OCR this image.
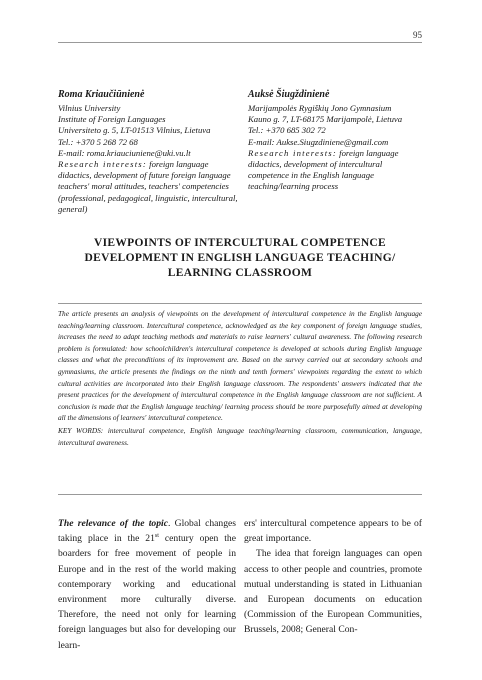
95
Roma Kriaučiūnienė
Vilnius University
Institute of Foreign Languages
Universiteto g. 5, LT-01513 Vilnius, Lietuva
Tel.: +370 5 268 72 68
E-mail: roma.kriauciuniene@uki.vu.lt
Research interests: foreign language didactics, development of future foreign language teachers' moral attitudes, teachers' competencies (professional, pedagogical, linguistic, intercultural, general)
Auksė Šiugždinienė
Marijampolės Rygiškių Jono Gymnasium
Kauno g. 7, LT-68175 Marijampolė, Lietuva
Tel.: +370 685 302 72
E-mail: Aukse.Siugzdiniene@gmail.com
Research interests: foreign language didactics, development of intercultural competence in the English language teaching/learning process
VIEWPOINTS OF INTERCULTURAL COMPETENCE DEVELOPMENT IN ENGLISH LANGUAGE TEACHING/ LEARNING CLASSROOM
The article presents an analysis of viewpoints on the development of intercultural competence in the English language teaching/learning classroom. Intercultural competence, acknowledged as the key component of foreign language studies, increases the need to adapt teaching methods and materials to raise learners' cultural awareness. The following research problem is formulated: how schoolchildren's intercultural competence is developed at schools during English language classes and what the preconditions of its improvement are. Based on the survey carried out at secondary schools and gymnasiums, the article presents the findings on the ninth and tenth formers' viewpoints regarding the extent to which cultural activities are incorporated into their English language classroom. The respondents' answers indicated that the present practices for the development of intercultural competence in the English language classroom are not sufficient. A conclusion is made that the English language teaching/ learning process should be more purposefully aimed at developing all the dimensions of learners' intercultural competence.
KEY WORDS: intercultural competence, English language teaching/learning classroom, communication, language, intercultural awareness.

The relevance of the topic. Global changes taking place in the 21st century open the boarders for free movement of people in Europe and in the rest of the world making contemporary working and educational environment more culturally diverse. Therefore, the need not only for learning foreign languages but also for developing our learn-

ers' intercultural competence appears to be of great importance.

The idea that foreign languages can open access to other people and countries, promote mutual understanding is stated in Lithuanian and European documents on education (Commission of the European Communities, Brussels, 2008; General Con-
